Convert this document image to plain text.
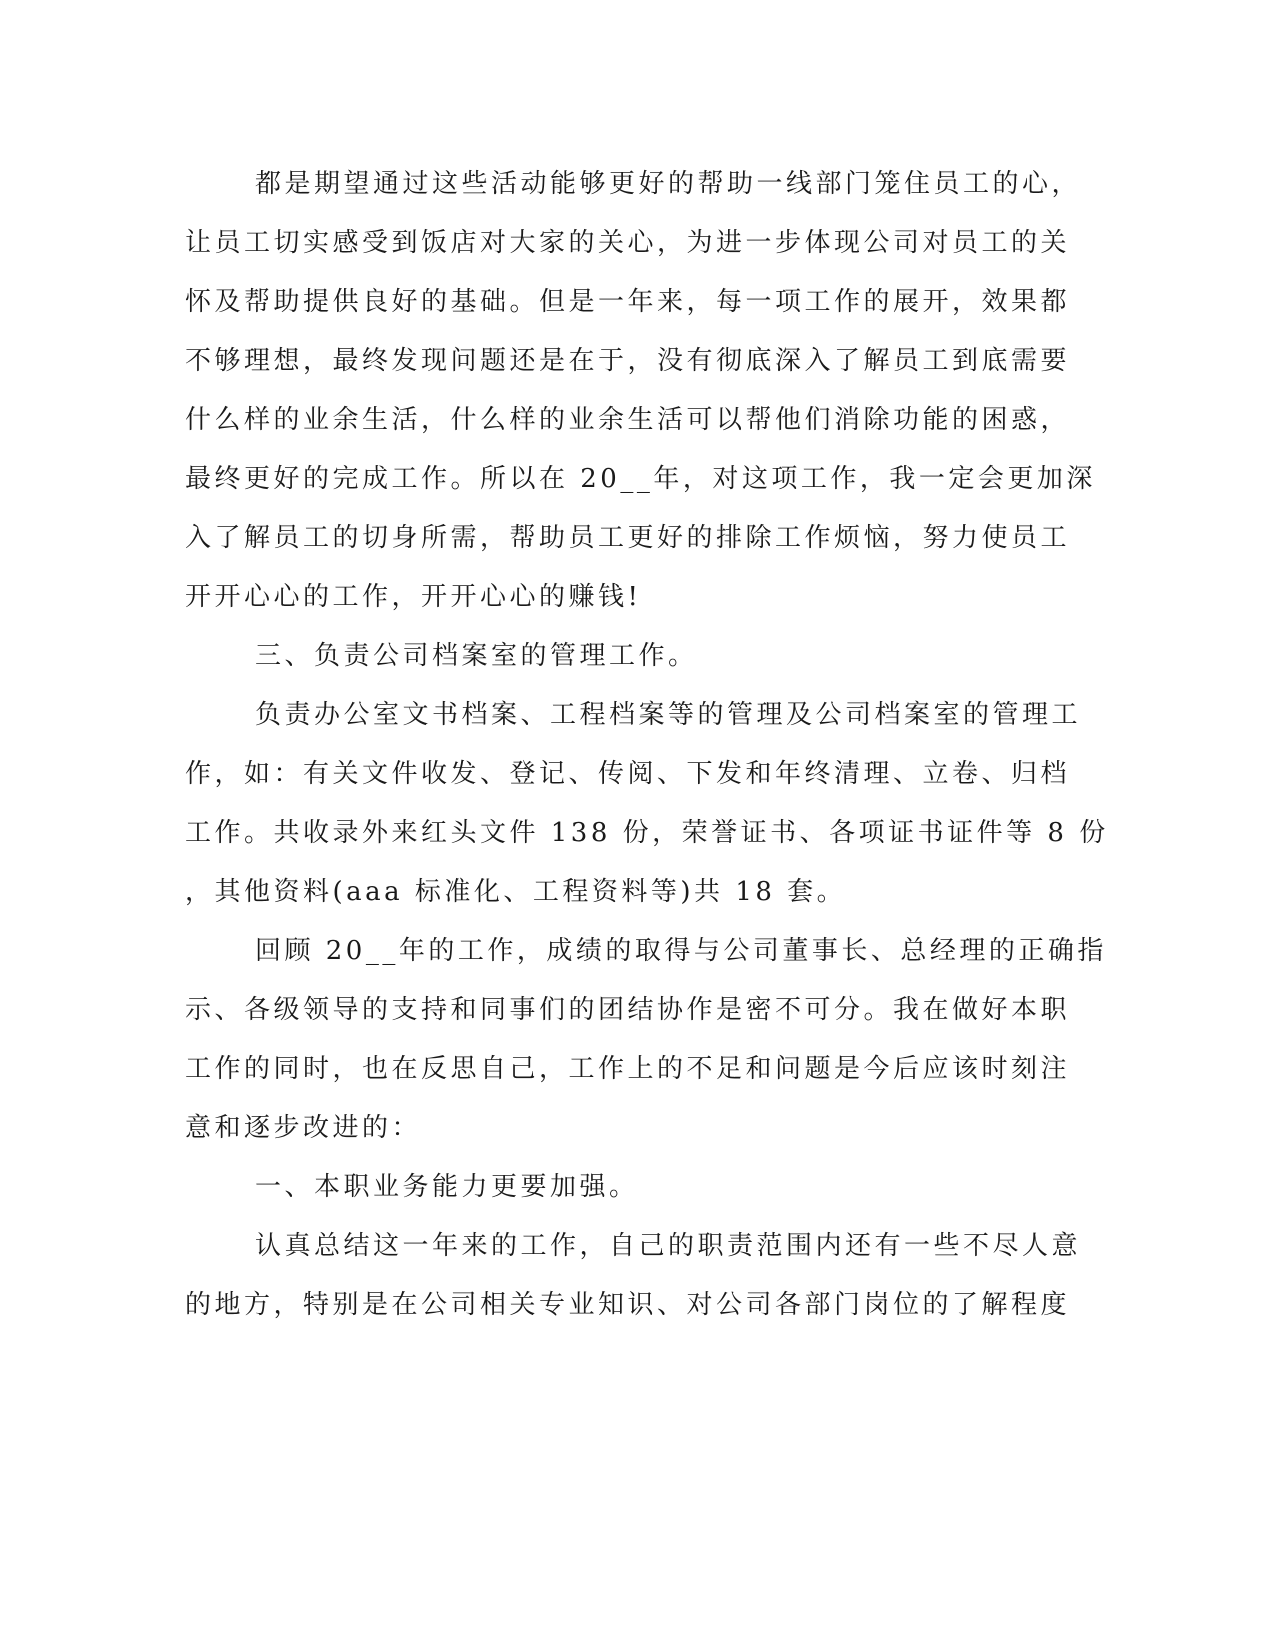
都是期望通过这些活动能够更好的帮助一线部门笼住员工的心，
让员工切实感受到饭店对大家的关心，为进一步体现公司对员工的关
怀及帮助提供良好的基础。但是一年来，每一项工作的展开，效果都
不够理想，最终发现问题还是在于，没有彻底深入了解员工到底需要
什么样的业余生活，什么样的业余生活可以帮他们消除功能的困惑，
最终更好的完成工作。所以在 20__年，对这项工作，我一定会更加深
入了解员工的切身所需，帮助员工更好的排除工作烦恼，努力使员工
开开心心的工作，开开心心的赚钱!
三、负责公司档案室的管理工作。
负责办公室文书档案、工程档案等的管理及公司档案室的管理工
作，如：有关文件收发、登记、传阅、下发和年终清理、立卷、归档
工作。共收录外来红头文件 138 份，荣誉证书、各项证书证件等 8 份
，其他资料(aaa 标准化、工程资料等)共 18 套。
回顾 20__年的工作，成绩的取得与公司董事长、总经理的正确指
示、各级领导的支持和同事们的团结协作是密不可分。我在做好本职
工作的同时，也在反思自己，工作上的不足和问题是今后应该时刻注
意和逐步改进的：
一、本职业务能力更要加强。
认真总结这一年来的工作，自己的职责范围内还有一些不尽人意
的地方，特别是在公司相关专业知识、对公司各部门岗位的了解程度
